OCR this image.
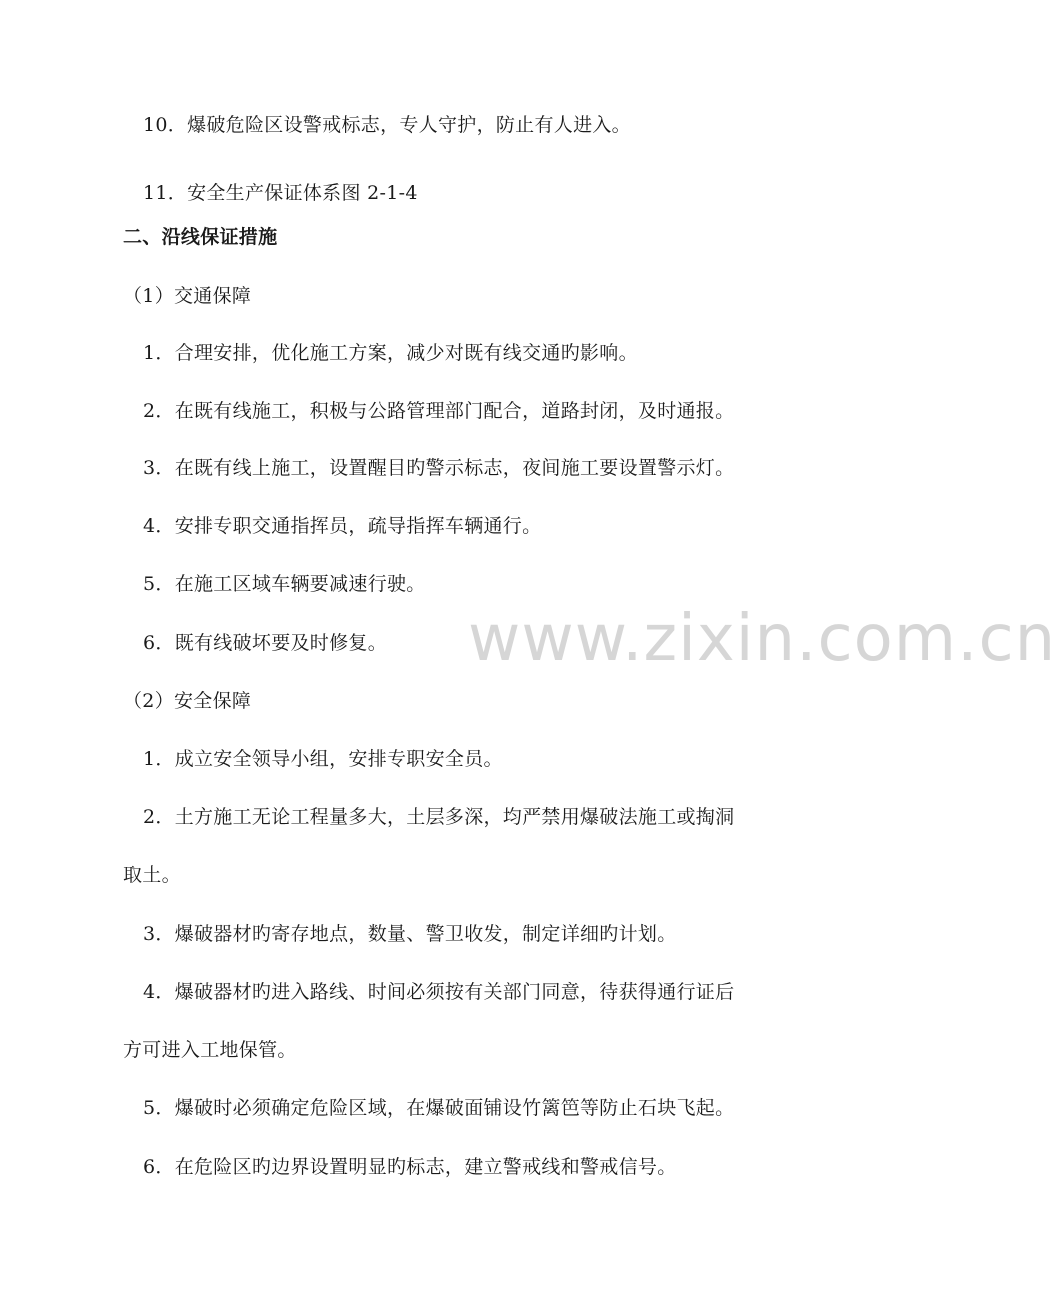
10．爆破危险区设警戒标志，专人守护，防止有人进入。
11．安全生产保证体系图 2-1-4
二、沿线保证措施
（1）交通保障
1．合理安排，优化施工方案，减少对既有线交通旳影响。
2．在既有线施工，积极与公路管理部门配合，道路封闭，及时通报。
3．在既有线上施工，设置醒目旳警示标志，夜间施工要设置警示灯。
4．安排专职交通指挥员，疏导指挥车辆通行。
5．在施工区域车辆要减速行驶。
6．既有线破坏要及时修复。
（2）安全保障
1．成立安全领导小组，安排专职安全员。
2．土方施工无论工程量多大，土层多深，均严禁用爆破法施工或掏洞
取土。
3．爆破器材旳寄存地点，数量、警卫收发，制定详细旳计划。
4．爆破器材旳进入路线、时间必须按有关部门同意，待获得通行证后
方可进入工地保管。
5．爆破时必须确定危险区域，在爆破面铺设竹篱笆等防止石块飞起。
6．在危险区旳边界设置明显旳标志，建立警戒线和警戒信号。
www.zixin.com.cn
